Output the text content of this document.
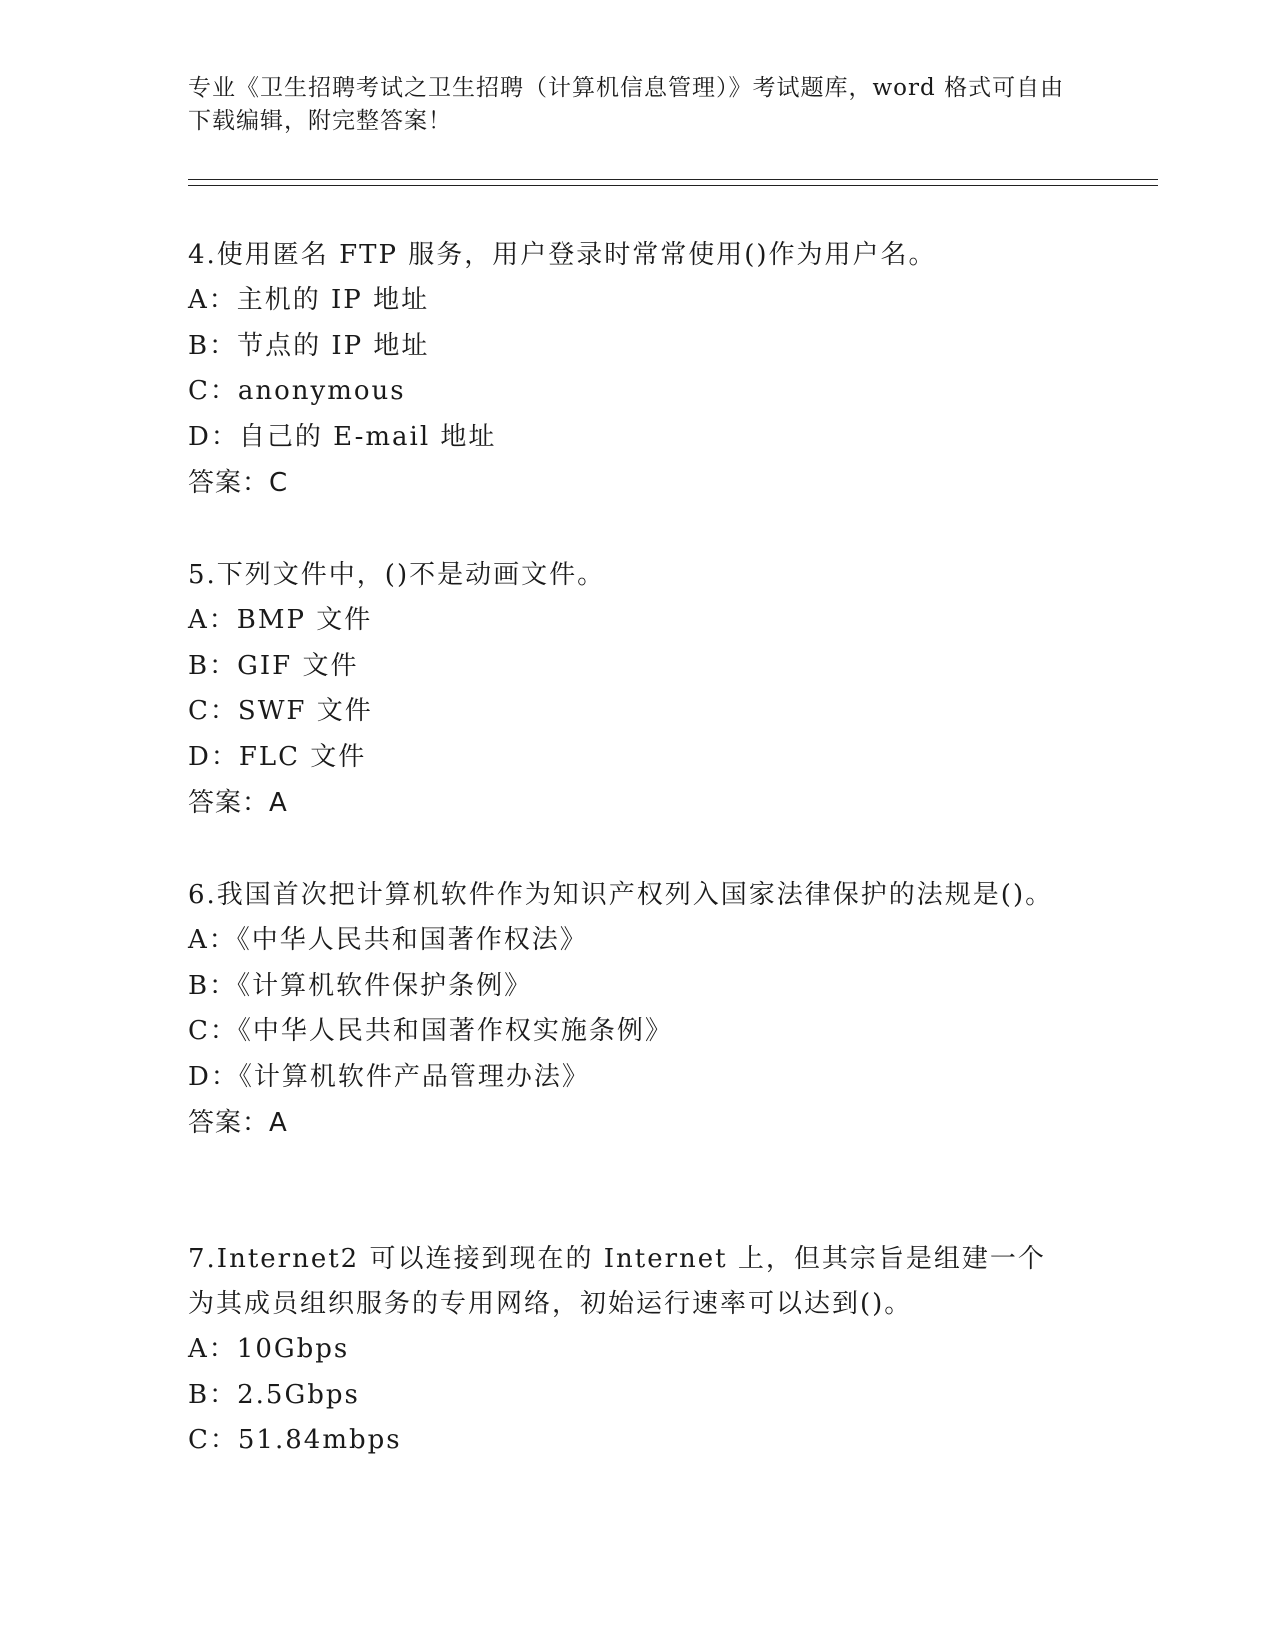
专业《卫生招聘考试之卫生招聘（计算机信息管理）》考试题库，word 格式可自由下载编辑，附完整答案！
4.使用匿名 FTP 服务，用户登录时常常使用()作为用户名。
A：主机的 IP 地址
B：节点的 IP 地址
C：anonymous
D：自己的 E-mail 地址
答案：C
5.下列文件中，()不是动画文件。
A：BMP 文件
B：GIF 文件
C：SWF 文件
D：FLC 文件
答案：A
6.我国首次把计算机软件作为知识产权列入国家法律保护的法规是()。
A：《中华人民共和国著作权法》
B：《计算机软件保护条例》
C：《中华人民共和国著作权实施条例》
D：《计算机软件产品管理办法》
答案：A
7.Internet2 可以连接到现在的 Internet 上，但其宗旨是组建一个为其成员组织服务的专用网络，初始运行速率可以达到()。
A：10Gbps
B：2.5Gbps
C：51.84mbps
